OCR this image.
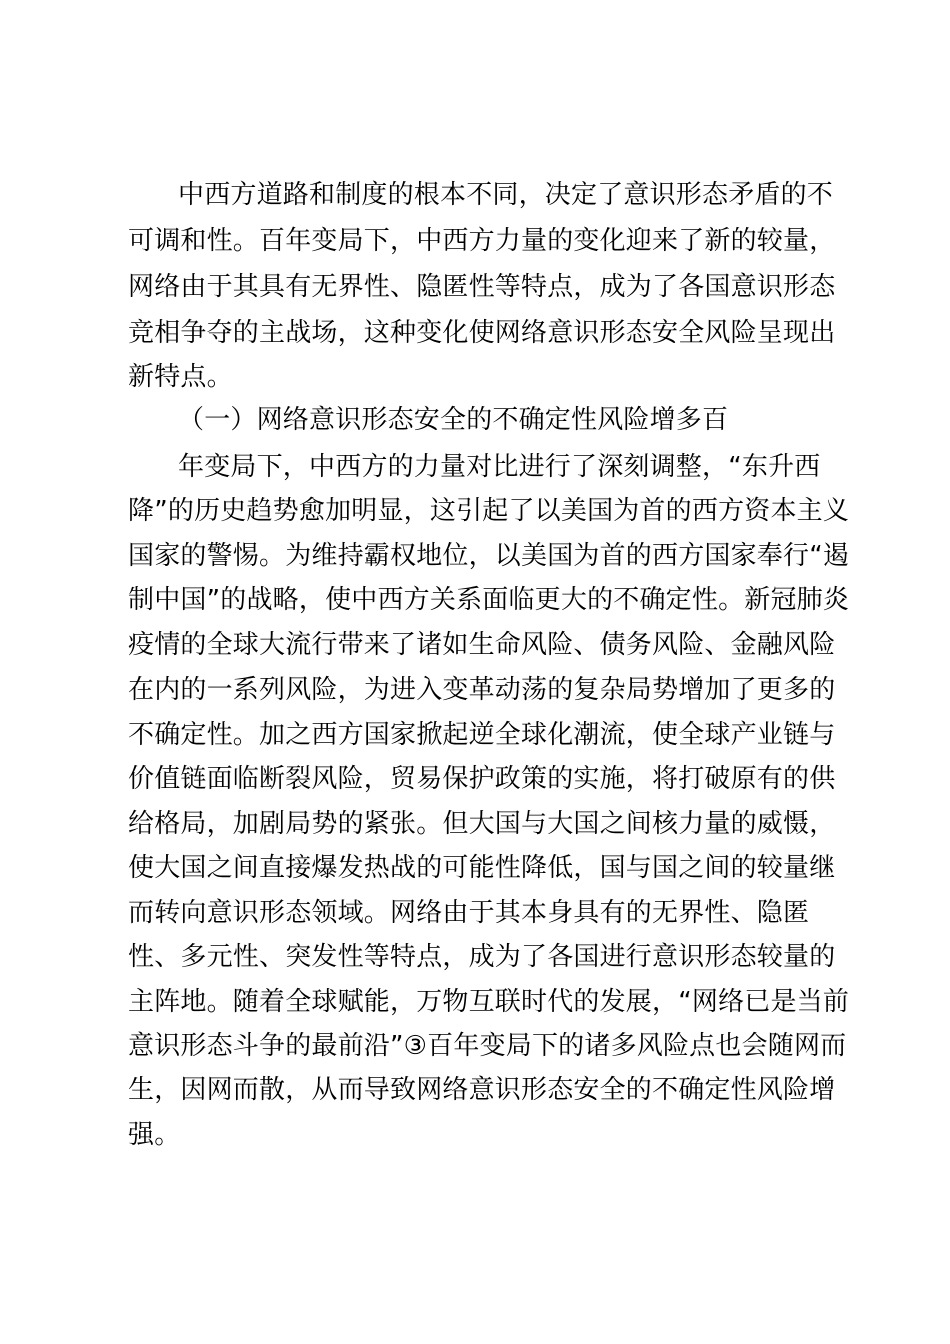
中西方道路和制度的根本不同，决定了意识形态矛盾的不
可调和性。百年变局下，中西方力量的变化迎来了新的较量，
网络由于其具有无界性、隐匿性等特点，成为了各国意识形态
竞相争夺的主战场，这种变化使网络意识形态安全风险呈现出
新特点。
（一）网络意识形态安全的不确定性风险增多百
年变局下，中西方的力量对比进行了深刻调整，“东升西
降”的历史趋势愈加明显，这引起了以美国为首的西方资本主义
国家的警惕。为维持霸权地位，以美国为首的西方国家奉行“遏
制中国”的战略，使中西方关系面临更大的不确定性。新冠肺炎
疫情的全球大流行带来了诸如生命风险、债务风险、金融风险
在内的一系列风险，为进入变革动荡的复杂局势增加了更多的
不确定性。加之西方国家掀起逆全球化潮流，使全球产业链与
价值链面临断裂风险，贸易保护政策的实施，将打破原有的供
给格局，加剧局势的紧张。但大国与大国之间核力量的威慑，
使大国之间直接爆发热战的可能性降低，国与国之间的较量继
而转向意识形态领域。网络由于其本身具有的无界性、隐匿
性、多元性、突发性等特点，成为了各国进行意识形态较量的
主阵地。随着全球赋能，万物互联时代的发展，“网络已是当前
意识形态斗争的最前沿”③百年变局下的诸多风险点也会随网而
生，因网而散，从而导致网络意识形态安全的不确定性风险增
强。
